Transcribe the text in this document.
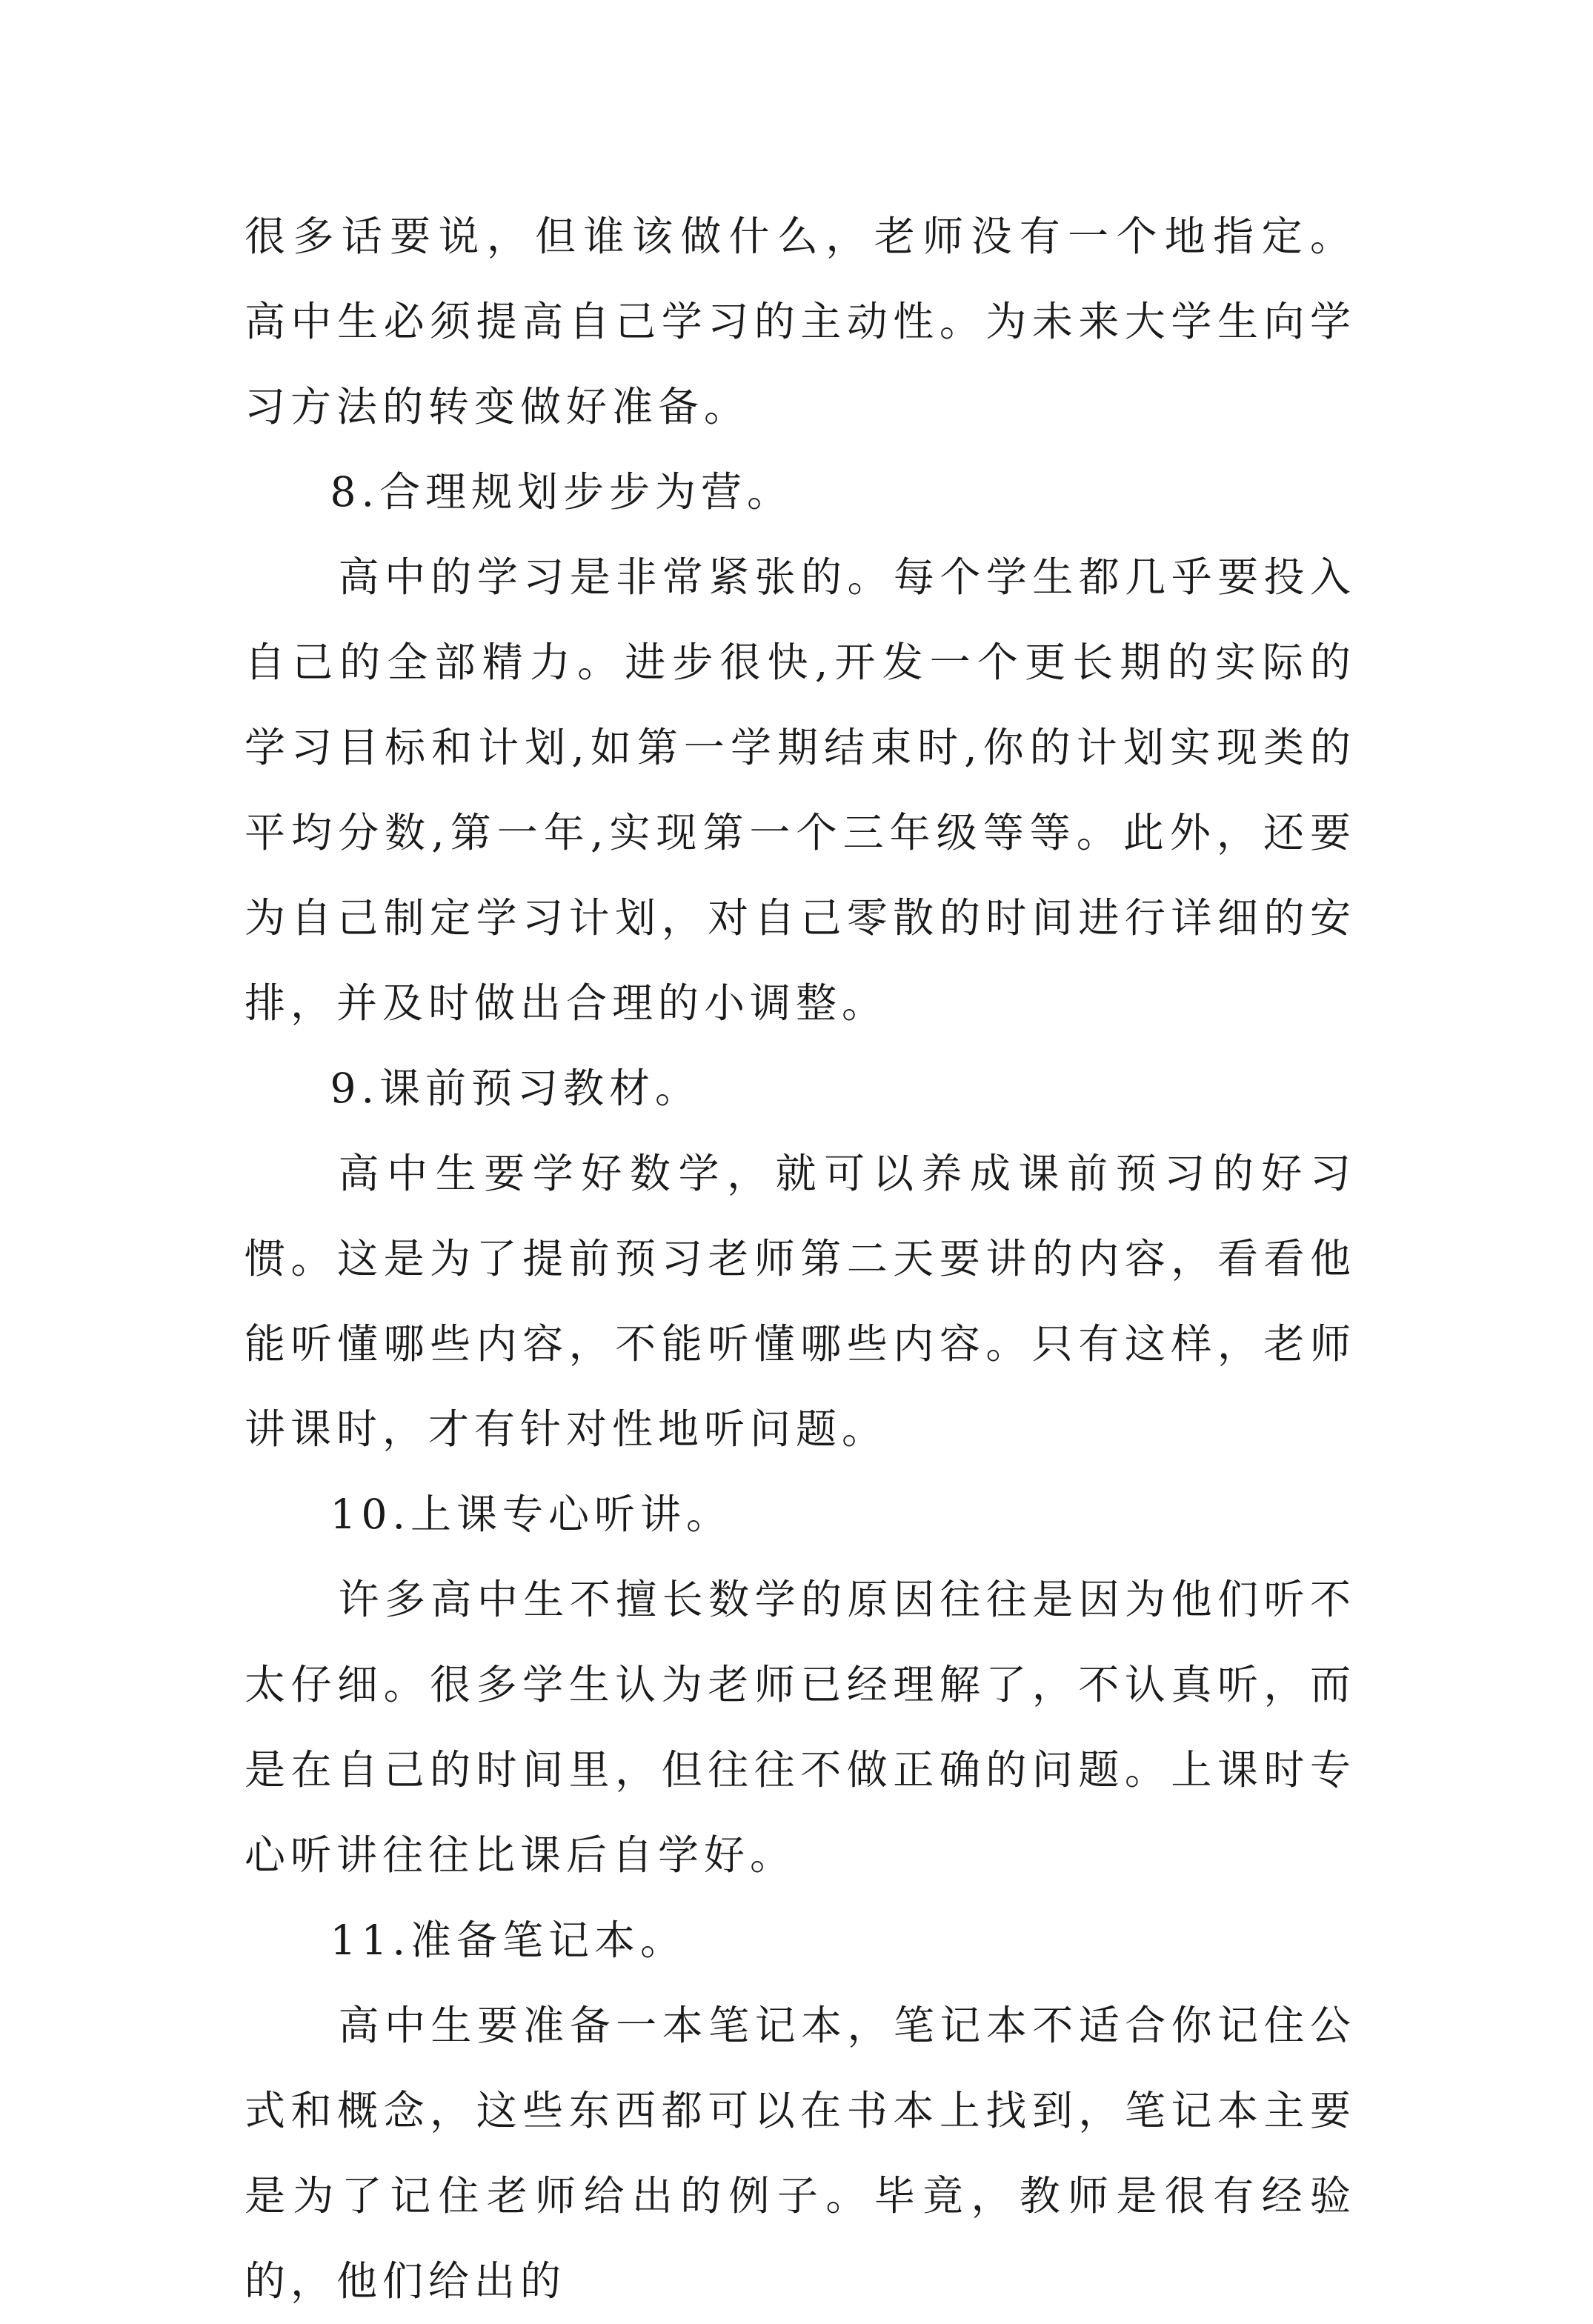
很多话要说，但谁该做什么，老师没有一个地指定。 高中生必须提高自己学习的主动性。为未来大学生向学习方法的转变做好准备。

8.合理规划步步为营。

高中的学习是非常紧张的。每个学生都几乎要投入自己的全部精力。进步很快,开发一个更长期的实际的学习目标和计划,如第一学期结束时,你的计划实现类的平均分数,第一年,实现第一个三年级等等。此外，还要为自己制定学习计划，对自己零散的时间进行详细的安排，并及时做出合理的小调整。

9.课前预习教材。

高中生要学好数学，就可以养成课前预习的好习惯。这是为了提前预习老师第二天要讲的内容，看看他能听懂哪些内容，不能听懂哪些内容。只有这样，老师讲课时，才有针对性地听问题。

10.上课专心听讲。

许多高中生不擅长数学的原因往往是因为他们听不太仔细。很多学生认为老师已经理解了，不认真听，而是在自己的时间里，但往往不做正确的问题。上课时专心听讲往往比课后自学好。

11.准备笔记本。

高中生要准备一本笔记本，笔记本不适合你记住公式和概念，这些东西都可以在书本上找到，笔记本主要是为了记住老师给出的例子。毕竟，教师是很有经验的，他们给出的
